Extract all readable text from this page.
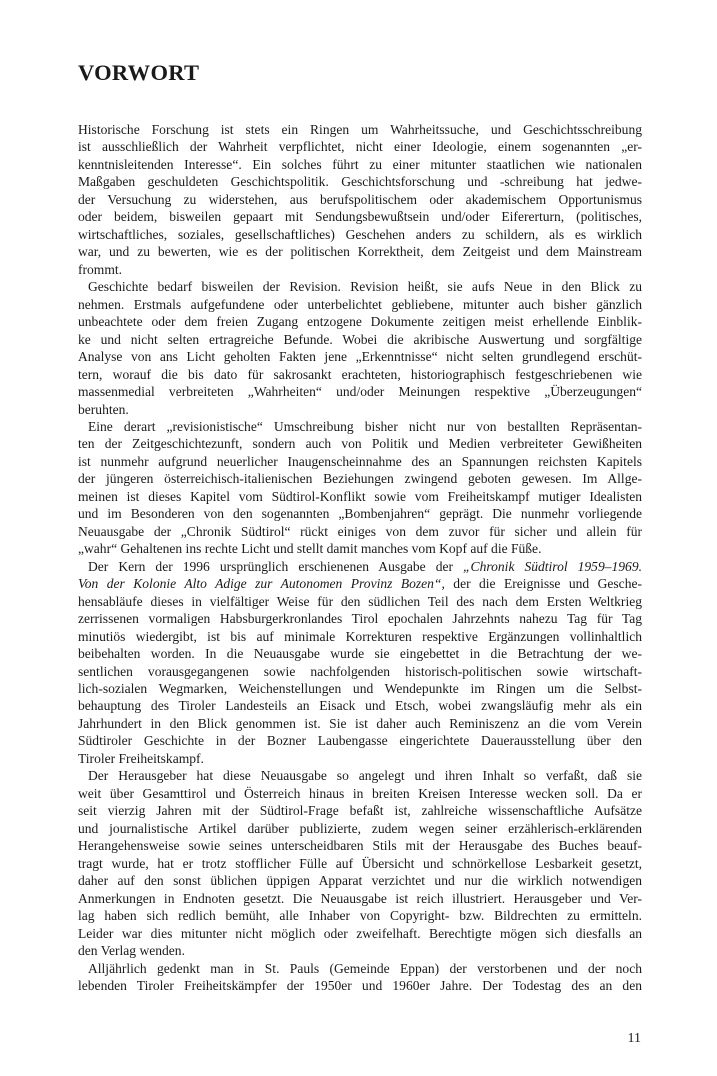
VORWORT
Historische Forschung ist stets ein Ringen um Wahrheitssuche, und Geschichtsschreibung
ist ausschließlich der Wahrheit verpflichtet, nicht einer Ideologie, einem sogenannten „er-
kenntnisleitenden Interesse“. Ein solches führt zu einer mitunter staatlichen wie nationalen
Maßgaben geschuldeten Geschichtspolitik. Geschichtsforschung und -schreibung hat jedwe-
der Versuchung zu widerstehen, aus berufspolitischem oder akademischem Opportunismus
oder beidem, bisweilen gepaart mit Sendungsbewußtsein und/oder Eifererturn, (politisches,
wirtschaftliches, soziales, gesellschaftliches) Geschehen anders zu schildern, als es wirklich
war, und zu bewerten, wie es der politischen Korrektheit, dem Zeitgeist und dem Mainstream
frommt.
Geschichte bedarf bisweilen der Revision. Revision heißt, sie aufs Neue in den Blick zu
nehmen. Erstmals aufgefundene oder unterbelichtet gebliebene, mitunter auch bisher gänzlich
unbeachtete oder dem freien Zugang entzogene Dokumente zeitigen meist erhellende Einblik-
ke und nicht selten ertragreiche Befunde. Wobei die akribische Auswertung und sorgfältige
Analyse von ans Licht geholten Fakten jene „Erkenntnisse“ nicht selten grundlegend erschüt-
tern, worauf die bis dato für sakrosankt erachteten, historiographisch festgeschriebenen wie
massenmedial verbreiteten „Wahrheiten“ und/oder Meinungen respektive „Überzeugungen“
beruhten.
Eine derart „revisionistische“ Umschreibung bisher nicht nur von bestallten Repräsentan-
ten der Zeitgeschichtezunft, sondern auch von Politik und Medien verbreiteter Gewißheiten
ist nunmehr aufgrund neuerlicher Inaugenscheinnahme des an Spannungen reichsten Kapitels
der jüngeren österreichisch-italienischen Beziehungen zwingend geboten gewesen. Im Allge-
meinen ist dieses Kapitel vom Südtirol-Konflikt sowie vom Freiheitskampf mutiger Idealisten
und im Besonderen von den sogenannten „Bombenjahren“ geprägt. Die nunmehr vorliegende
Neuausgabe der „Chronik Südtirol“ rückt einiges von dem zuvor für sicher und allein für
„wahr“ Gehaltenen ins rechte Licht und stellt damit manches vom Kopf auf die Füße.
Der Kern der 1996 ursprünglich erschienenen Ausgabe der „Chronik Südtirol 1959–1969.
Von der Kolonie Alto Adige zur Autonomen Provinz Bozen“, der die Ereignisse und Gesche-
hensabläufe dieses in vielfältiger Weise für den südlichen Teil des nach dem Ersten Weltkrieg
zerrissenen vormaligen Habsburgerkronlandes Tirol epochalen Jahrzehnts nahezu Tag für Tag
minutiös wiedergibt, ist bis auf minimale Korrekturen respektive Ergänzungen vollinhaltlich
beibehalten worden. In die Neuausgabe wurde sie eingebettet in die Betrachtung der we-
sentlichen vorausgegangenen sowie nachfolgenden historisch-politischen sowie wirtschaft-
lich-sozialen Wegmarken, Weichenstellungen und Wendepunkte im Ringen um die Selbst-
behauptung des Tiroler Landesteils an Eisack und Etsch, wobei zwangsläufig mehr als ein
Jahrhundert in den Blick genommen ist. Sie ist daher auch Reminiszenz an die vom Verein
Südtiroler Geschichte in der Bozner Laubengasse eingerichtete Dauerausstellung über den
Tiroler Freiheitskampf.
Der Herausgeber hat diese Neuausgabe so angelegt und ihren Inhalt so verfaßt, daß sie
weit über Gesamttirol und Österreich hinaus in breiten Kreisen Interesse wecken soll. Da er
seit vierzig Jahren mit der Südtirol-Frage befaßt ist, zahlreiche wissenschaftliche Aufsätze
und journalistische Artikel darüber publizierte, zudem wegen seiner erzählerisch-erklärenden
Herangehensweise sowie seines unterscheidbaren Stils mit der Herausgabe des Buches beauf-
tragt wurde, hat er trotz stofflicher Fülle auf Übersicht und schnörkellose Lesbarkeit gesetzt,
daher auf den sonst üblichen üppigen Apparat verzichtet und nur die wirklich notwendigen
Anmerkungen in Endnoten gesetzt. Die Neuausgabe ist reich illustriert. Herausgeber und Ver-
lag haben sich redlich bemüht, alle Inhaber von Copyright- bzw. Bildrechten zu ermitteln.
Leider war dies mitunter nicht möglich oder zweifelhaft. Berechtigte mögen sich diesfalls an
den Verlag wenden.
Alljährlich gedenkt man in St. Pauls (Gemeinde Eppan) der verstorbenen und der noch
lebenden Tiroler Freiheitskämpfer der 1950er und 1960er Jahre. Der Todestag des an den
11
